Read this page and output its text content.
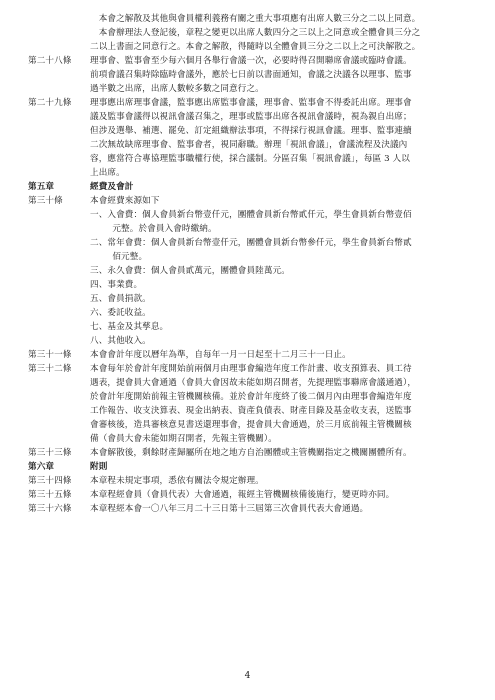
　本會之解散及其他與會員權利義務有關之重大事項應有出席人數三分之二以上同意。
　本會辦理法人登記後，章程之變更以出席人數四分之三以上之同意或全體會員三分之
二以上書面之同意行之。本會之解散，得隨時以全體會員三分之二以上之可決解散之。
第二十八條	理事會、監事會至少每六個月各舉行會議一次，必要時得召開聯席會議或臨時會議。
前項會議召集時除臨時會議外，應於七日前以書面通知，會議之決議各以理事、監事
過半數之出席，出席人數較多數之同意行之。
第二十九條	理事應出席理事會議，監事應出席監事會議，理事會、監事會不得委託出席。理事會
議及監事會議得以視訊會議召集之，理事或監事出席各視訊會議時，視為親自出席；
但涉及選舉、補選、罷免、訂定組織辦法事項，不得採行視訊會議。理事、監事連續
二次無故缺席理事會、監事會者，視同辭職。辦理「視訊會議」，會議流程及決議內
容，應當符合專協理監事職權行使，採合議制。分區召集「視訊會議」，每區 3 人以
上出席。
第五章	經費及會計
第三十條	本會經費來源如下
一、入會費：個人會員新台幣壹仟元，團體會員新台幣貳仟元，學生會員新台幣壹佰
元整。於會員入會時繳納。
二、常年會費：個人會員新台幣壹仟元，團體會員新台幣參仟元，學生會員新台幣貳
佰元整。
三、永久會費：個人會員貳萬元，團體會員陸萬元。
四、事業費。
五、會員捐款。
六、委託收益。
七、基金及其孳息。
八、其他收入。
第三十一條	本會會計年度以曆年為準，自每年一月一日起至十二月三十一日止。
第三十二條	本會每年於會計年度開始前兩個月由理事會編造年度工作計畫、收支預算表、員工待
遇表，提會員大會通過（會員大會因故未能如期召開者，先提理監事聯席會議通過），
於會計年度開始前報主管機關核備。並於會計年度終了後二個月內由理事會編造年度
工作報告、收支決算表、現金出納表、資產負債表、財產目錄及基金收支表，送監事
會審核後，造具審核意見書送還理事會，提會員大會通過，於三月底前報主管機關核
備（會員大會未能如期召開者，先報主管機關）。
第三十三條	本會解散後，剩餘財產歸屬所在地之地方自治團體或主管機關指定之機關團體所有。
第六章	附則
第三十四條	本章程未規定事項，悉依有關法令規定辦理。
第三十五條	本章程經會員（會員代表）大會通過，報經主管機關核備後施行，變更時亦同。
第三十六條	本章程經本會一〇八年三月二十三日第十三屆第三次會員代表大會通過。
4
